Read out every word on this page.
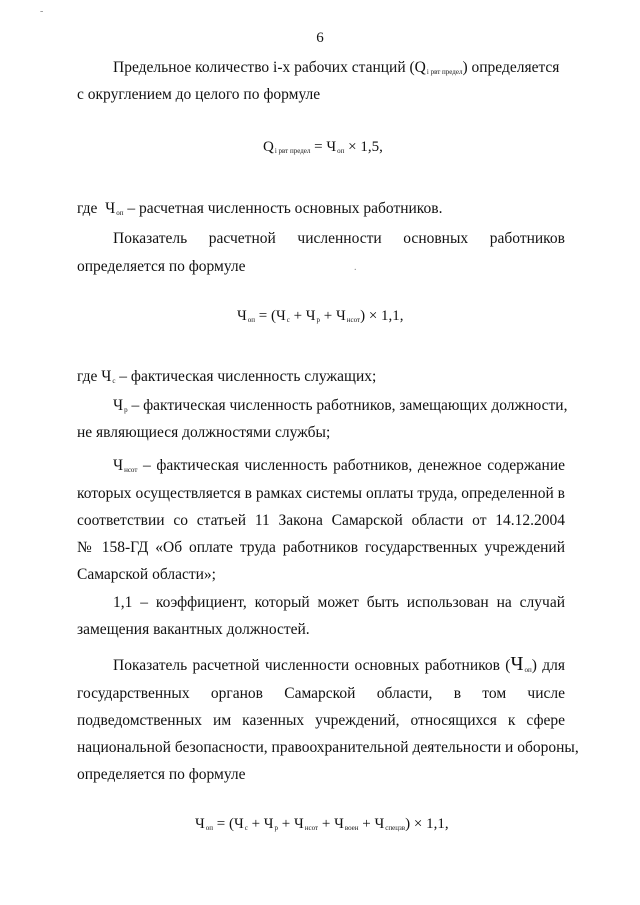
-
6
Предельное количество i-х рабочих станций $(Q_{i рвт предел})$ определяется
с округлением до целого по формуле
$Q_{i рвт предел} = Ч_{оп} \times 1,5$,
где $Ч_{оп}$ – расчетная численность основных работников.
Показатель расчетной численности основных работников
определяется по формуле	.
$Ч_{оп} = (Ч_с + Ч_р + Ч_{нсот}) \times 1,1$,
где $Ч_с$ – фактическая численность служащих;
$Ч_р$ – фактическая численность работников, замещающих должности,
не являющиеся должностями службы;
$Ч_{нсот}$ – фактическая численность работников, денежное содержание
которых осуществляется в рамках системы оплаты труда, определенной в
соответствии со статьей 11 Закона Самарской области от 14.12.2004
№ 158-ГД «Об оплате труда работников государственных учреждений
Самарской области»;
1,1 – коэффициент, который может быть использован на случай
замещения вакантных должностей.
Показатель расчетной численности основных работников $(Ч_{оп})$ для
государственных органов Самарской области, в том числе
подведомственных им казенных учреждений, относящихся к сфере
национальной безопасности, правоохранительной деятельности и обороны,
определяется по формуле
$Ч_{оп} = (Ч_с + Ч_р + Ч_{нсот} + Ч_{воен} + Ч_{спецзв}) \times 1,1$,
